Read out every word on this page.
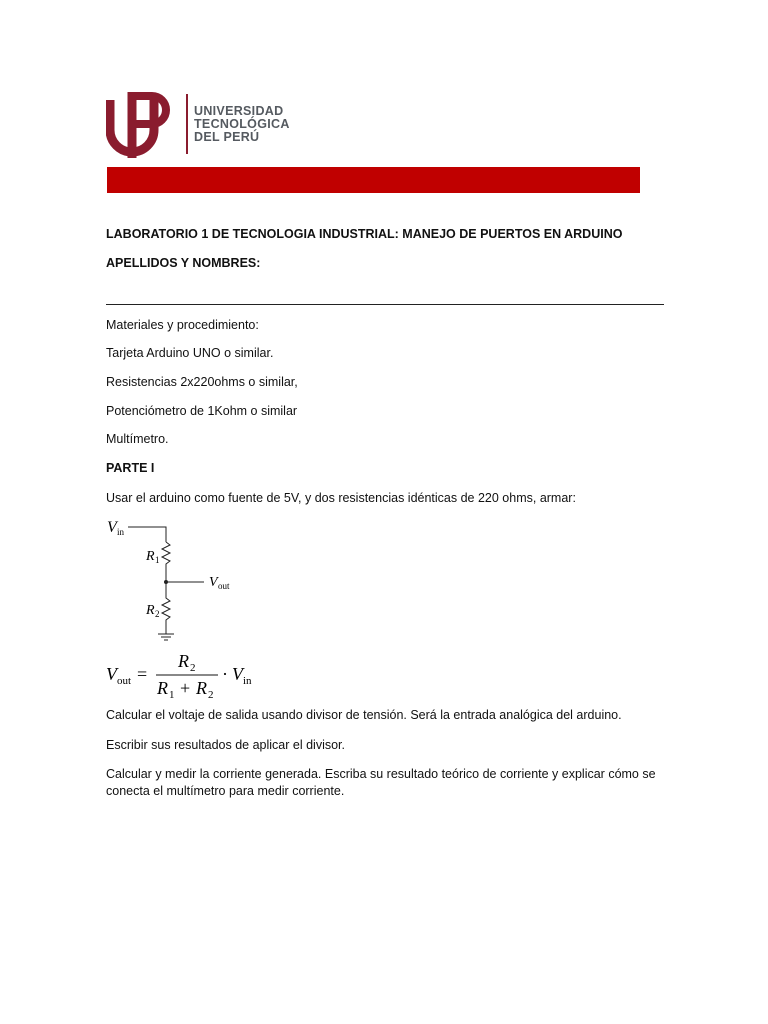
UNIVERSIDAD
TECNOLÓGICA
DEL PERÚ
LABORATORIO 1 DE TECNOLOGIA INDUSTRIAL: MANEJO DE PUERTOS EN ARDUINO
APELLIDOS Y NOMBRES:
Materiales y procedimiento:
Tarjeta Arduino UNO o similar.
Resistencias 2x220ohms o similar,
Potenciómetro de 1Kohm o similar
Multímetro.
PARTE I
Usar el arduino como fuente de 5V, y dos resistencias idénticas de 220 ohms, armar:
V in
R 1
V out
R 2
V out =
R 2
R 1 + R 2
· V in
Calcular el voltaje de salida usando divisor de tensión. Será la entrada analógica del arduino.
Escribir sus resultados de aplicar el divisor.
Calcular y medir la corriente generada. Escriba su resultado teórico de corriente y explicar cómo se conecta el multímetro para medir corriente.
